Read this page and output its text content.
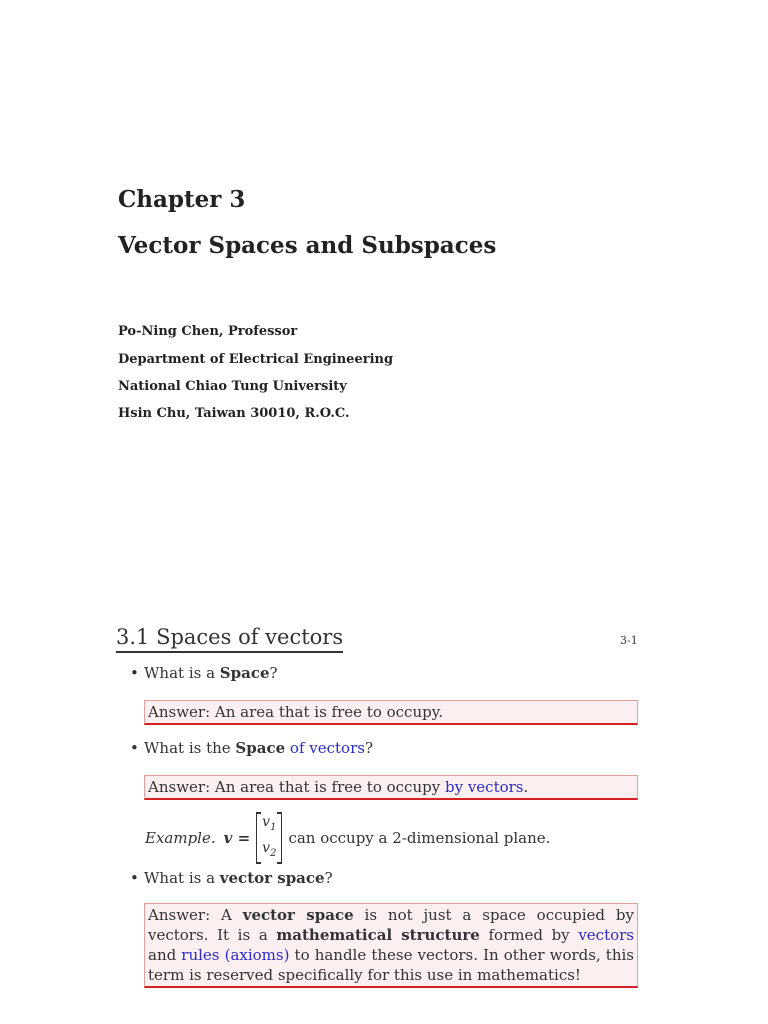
Chapter 3
Vector Spaces and Subspaces
Po-Ning Chen, Professor
Department of Electrical Engineering
National Chiao Tung University
Hsin Chu, Taiwan 30010, R.O.C.
3.1 Spaces of vectors	3-1
• What is a Space?
Answer: An area that is free to occupy.
• What is the Space of vectors?
Answer: An area that is free to occupy by vectors.
Example. v =
$v_1$
$v_2$
can occupy a 2-dimensional plane.
• What is a vector space?
Answer: A vector space is not just a space occupied by vectors. It is a mathematical structure formed by vectors and rules (axioms) to handle these vectors. In other words, this term is reserved specifically for this use in mathematics!
